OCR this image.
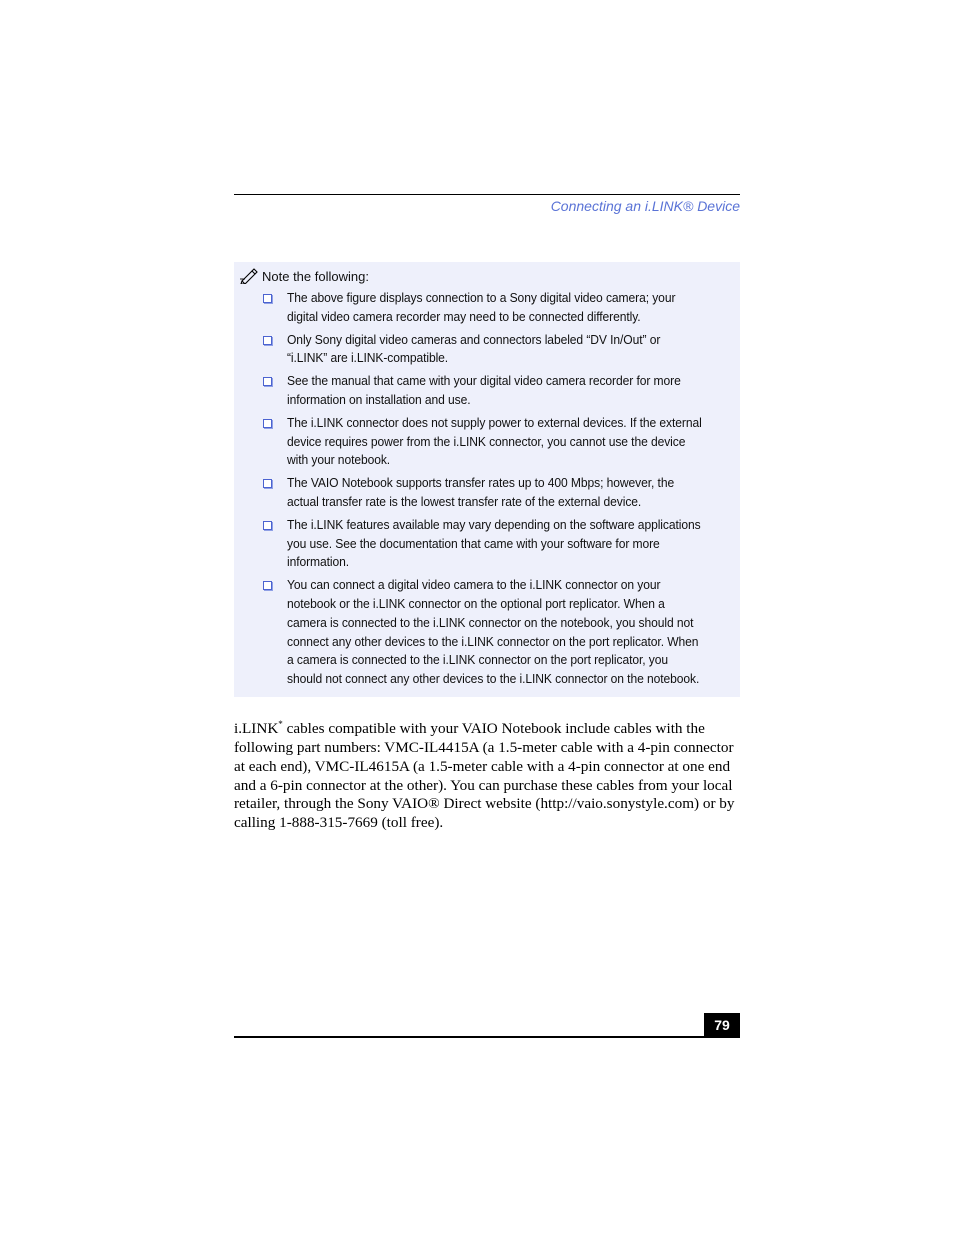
Connecting an i.LINK® Device
Note the following:
The above figure displays connection to a Sony digital video camera; your digital video camera recorder may need to be connected differently.
Only Sony digital video cameras and connectors labeled “DV In/Out” or “i.LINK” are i.LINK-compatible.
See the manual that came with your digital video camera recorder for more information on installation and use.
The i.LINK connector does not supply power to external devices. If the external device requires power from the i.LINK connector, you cannot use the device with your notebook.
The VAIO Notebook supports transfer rates up to 400 Mbps; however, the actual transfer rate is the lowest transfer rate of the external device.
The i.LINK features available may vary depending on the software applications you use. See the documentation that came with your software for more information.
You can connect a digital video camera to the i.LINK connector on your notebook or the i.LINK connector on the optional port replicator. When a camera is connected to the i.LINK connector on the notebook, you should not connect any other devices to the i.LINK connector on the port replicator. When a camera is connected to the i.LINK connector on the port replicator, you should not connect any other devices to the i.LINK connector on the notebook.

i.LINK* cables compatible with your VAIO Notebook include cables with the following part numbers: VMC-IL4415A (a 1.5-meter cable with a 4-pin connector at each end), VMC-IL4615A (a 1.5-meter cable with a 4-pin connector at one end and a 6-pin connector at the other). You can purchase these cables from your local retailer, through the Sony VAIO® Direct website (http://vaio.sonystyle.com) or by calling 1-888-315-7669 (toll free).

79
